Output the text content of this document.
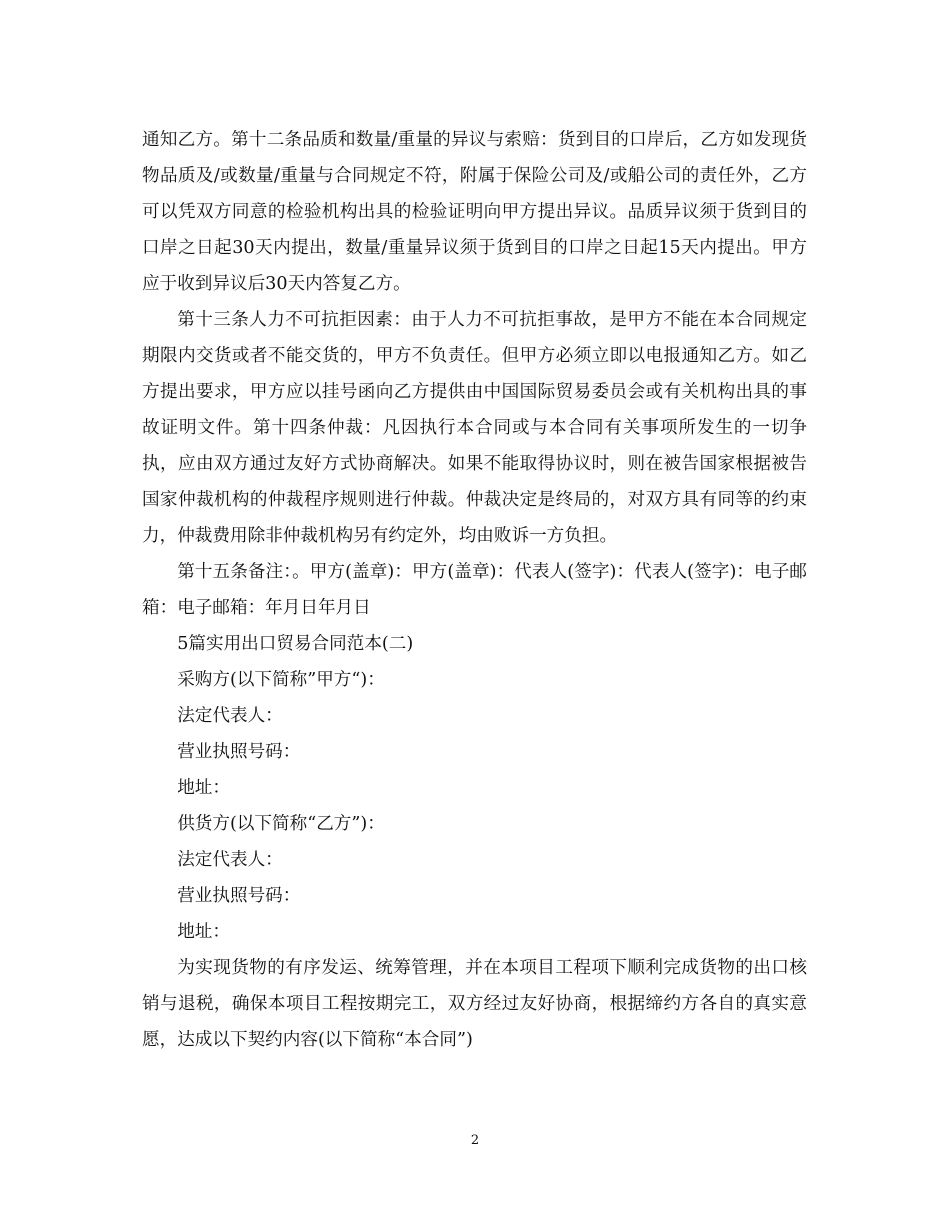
通知乙方。第十二条品质和数量/重量的异议与索赔：货到目的口岸后，乙方如发现货物品质及/或数量/重量与合同规定不符，附属于保险公司及/或船公司的责任外，乙方可以凭双方同意的检验机构出具的检验证明向甲方提出异议。品质异议须于货到目的口岸之日起30天内提出，数量/重量异议须于货到目的口岸之日起15天内提出。甲方应于收到异议后30天内答复乙方。

第十三条人力不可抗拒因素：由于人力不可抗拒事故，是甲方不能在本合同规定期限内交货或者不能交货的，甲方不负责任。但甲方必须立即以电报通知乙方。如乙方提出要求，甲方应以挂号函向乙方提供由中国国际贸易委员会或有关机构出具的事故证明文件。第十四条仲裁：凡因执行本合同或与本合同有关事项所发生的一切争执，应由双方通过友好方式协商解决。如果不能取得协议时，则在被告国家根据被告国家仲裁机构的仲裁程序规则进行仲裁。仲裁决定是终局的，对双方具有同等的约束力，仲裁费用除非仲裁机构另有约定外，均由败诉一方负担。

第十五条备注：。甲方(盖章)：甲方(盖章)：代表人(签字)：代表人(签字)：电子邮箱：电子邮箱：年月日年月日

5篇实用出口贸易合同范本(二)

采购方(以下简称”甲方“)：

法定代表人：

营业执照号码：

地址：

供货方(以下简称“乙方”)：

法定代表人：

营业执照号码：

地址：

为实现货物的有序发运、统筹管理，并在本项目工程项下顺利完成货物的出口核销与退税，确保本项目工程按期完工，双方经过友好协商，根据缔约方各自的真实意愿，达成以下契约内容(以下简称“本合同”)

2
